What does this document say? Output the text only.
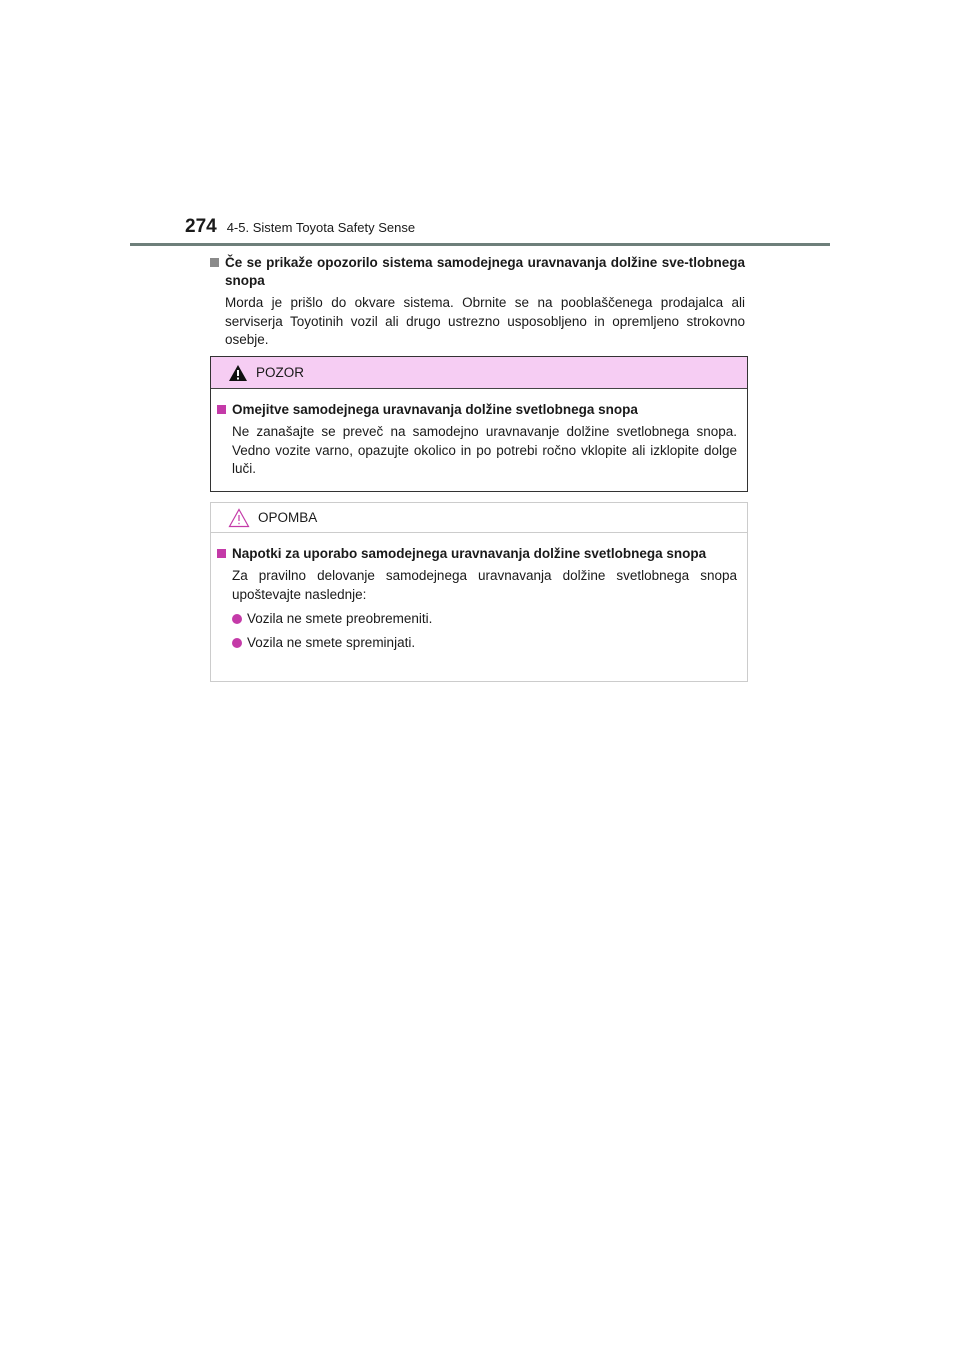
274 4-5. Sistem Toyota Safety Sense
Če se prikaže opozorilo sistema samodejnega uravnavanja dolžine sve-tlobnega snopa
Morda je prišlo do okvare sistema. Obrnite se na pooblaščenega prodajalca ali serviserja Toyotinih vozil ali drugo ustrezno usposobljeno in opremljeno strokovno osebje.
POZOR
Omejitve samodejnega uravnavanja dolžine svetlobnega snopa
Ne zanašajte se preveč na samodejno uravnavanje dolžine svetlobnega snopa. Vedno vozite varno, opazujte okolico in po potrebi ročno vklopite ali izklopite dolge luči.
OPOMBA
Napotki za uporabo samodejnega uravnavanja dolžine svetlobnega snopa
Za pravilno delovanje samodejnega uravnavanja dolžine svetlobnega snopa upoštevajte naslednje:
Vozila ne smete preobremeniti.
Vozila ne smete spreminjati.
